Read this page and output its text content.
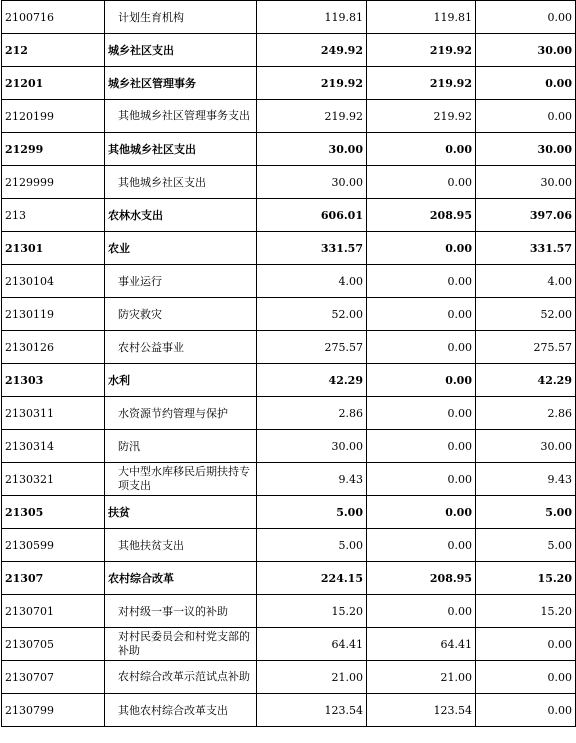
2100716	计划生育机构	119.81	119.81	0.00
212	城乡社区支出	249.92	219.92	30.00
21201	城乡社区管理事务	219.92	219.92	0.00
2120199	其他城乡社区管理事务支出	219.92	219.92	0.00
21299	其他城乡社区支出	30.00	0.00	30.00
2129999	其他城乡社区支出	30.00	0.00	30.00
213	农林水支出	606.01	208.95	397.06
21301	农业	331.57	0.00	331.57
2130104	事业运行	4.00	0.00	4.00
2130119	防灾救灾	52.00	0.00	52.00
2130126	农村公益事业	275.57	0.00	275.57
21303	水利	42.29	0.00	42.29
2130311	水资源节约管理与保护	2.86	0.00	2.86
2130314	防汛	30.00	0.00	30.00
2130321	大中型水库移民后期扶持专项支出	9.43	0.00	9.43
21305	扶贫	5.00	0.00	5.00
2130599	其他扶贫支出	5.00	0.00	5.00
21307	农村综合改革	224.15	208.95	15.20
2130701	对村级一事一议的补助	15.20	0.00	15.20
2130705	对村民委员会和村党支部的补助	64.41	64.41	0.00
2130707	农村综合改革示范试点补助	21.00	21.00	0.00
2130799	其他农村综合改革支出	123.54	123.54	0.00
